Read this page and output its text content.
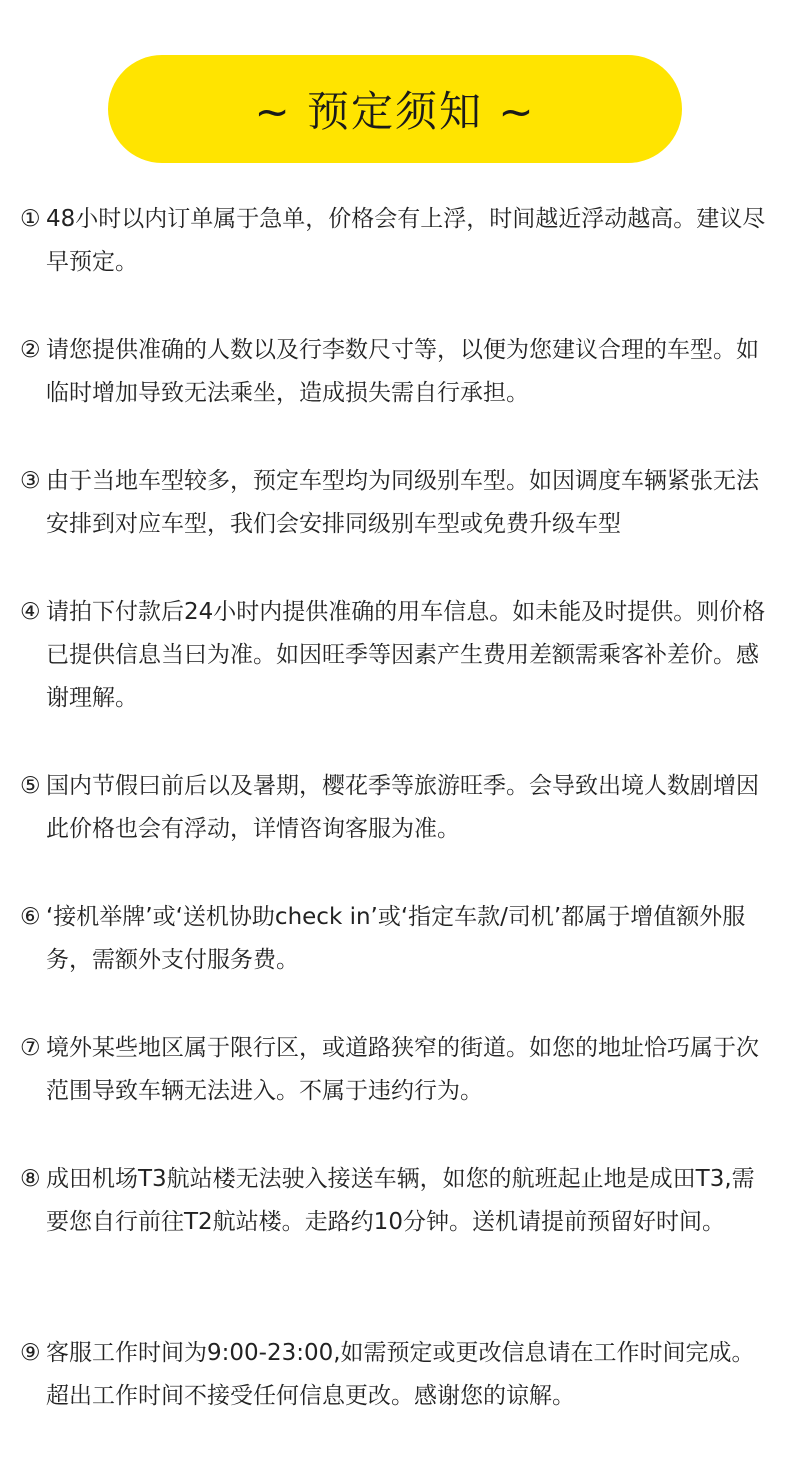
~ 预定须知 ~
① 48小时以内订单属于急单，价格会有上浮，时间越近浮动越高。建议尽早预定。
② 请您提供准确的人数以及行李数尺寸等，以便为您建议合理的车型。如临时增加导致无法乘坐，造成损失需自行承担。
③ 由于当地车型较多，预定车型均为同级别车型。如因调度车辆紧张无法安排到对应车型，我们会安排同级别车型或免费升级车型
④ 请拍下付款后24小时内提供准确的用车信息。如未能及时提供。则价格已提供信息当曰为准。如因旺季等因素产生费用差额需乘客补差价。感谢理解。
⑤ 国内节假曰前后以及暑期，樱花季等旅游旺季。会导致出境人数剧增因此价格也会有浮动，详情咨询客服为准。
⑥ ‘接机举牌’或‘送机协助check in’或‘指定车款/司机’都属于增值额外服务，需额外支付服务费。
⑦ 境外某些地区属于限行区，或道路狭窄的街道。如您的地址恰巧属于次范围导致车辆无法进入。不属于违约行为。
⑧ 成田机场T3航站楼无法驶入接送车辆，如您的航班起止地是成田T3,需要您自行前往T2航站楼。走路约10分钟。送机请提前预留好时间。
⑨ 客服工作时间为9:00-23:00,如需预定或更改信息请在工作时间完成。超出工作时间不接受任何信息更改。感谢您的谅解。
